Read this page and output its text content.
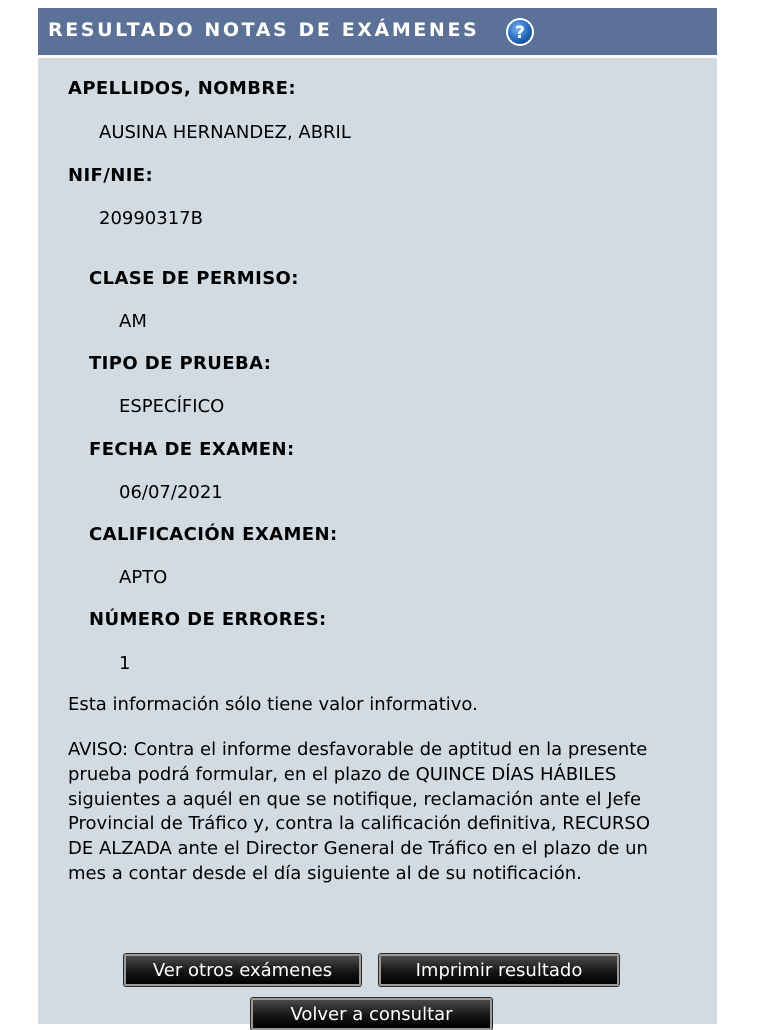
RESULTADO NOTAS DE EXÁMENES ?
APELLIDOS, NOMBRE:
AUSINA HERNANDEZ, ABRIL
NIF/NIE:
20990317B
CLASE DE PERMISO:
AM
TIPO DE PRUEBA:
ESPECÍFICO
FECHA DE EXAMEN:
06/07/2021
CALIFICACIÓN EXAMEN:
APTO
NÚMERO DE ERRORES:
1
Esta información sólo tiene valor informativo.
AVISO: Contra el informe desfavorable de aptitud en la presente prueba podrá formular, en el plazo de QUINCE DÍAS HÁBILES siguientes a aquél en que se notifique, reclamación ante el Jefe Provincial de Tráfico y, contra la calificación definitiva, RECURSO DE ALZADA ante el Director General de Tráfico en el plazo de un mes a contar desde el día siguiente al de su notificación.
Ver otros exámenes	Imprimir resultado
Volver a consultar
